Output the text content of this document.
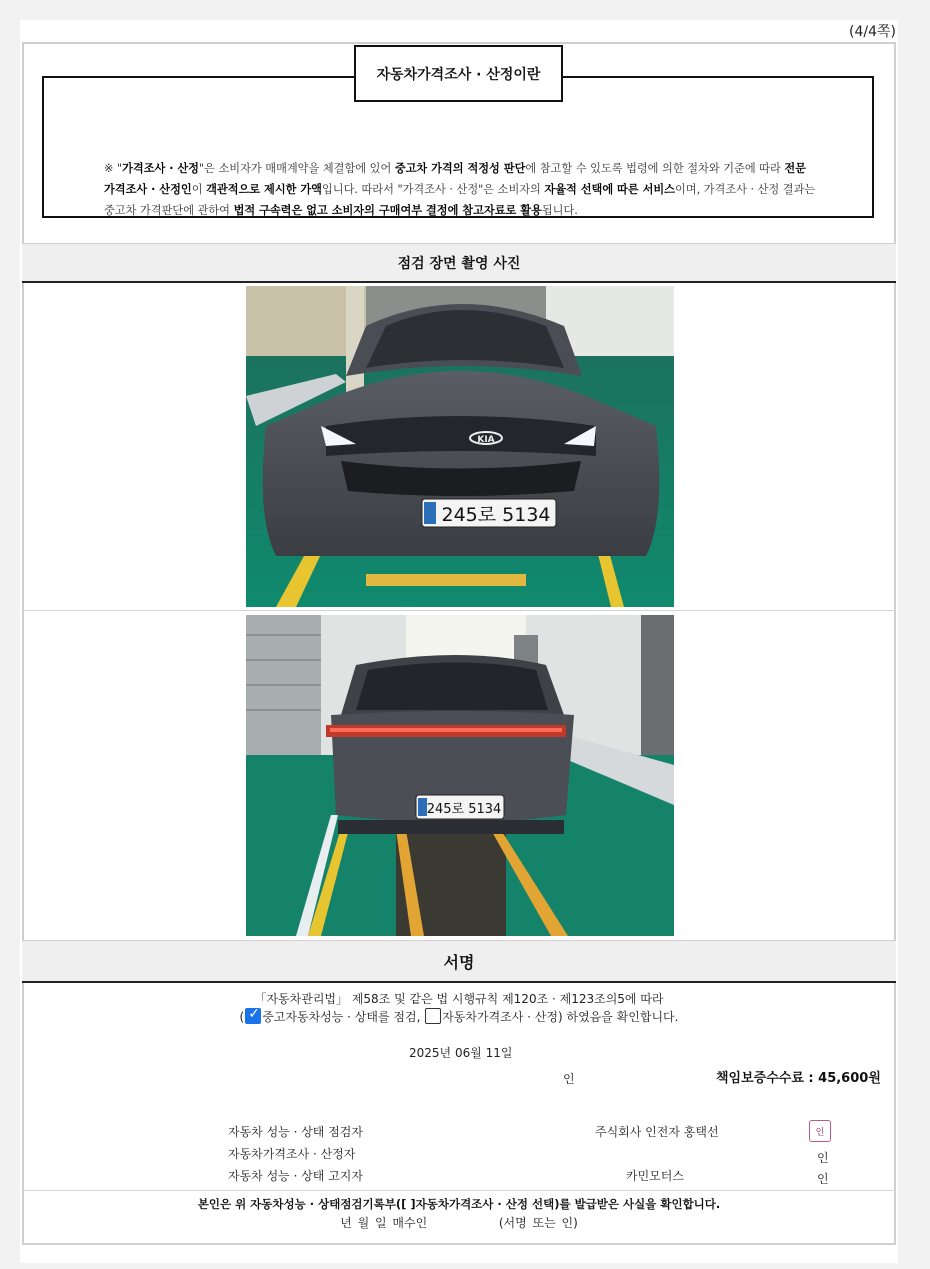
(4/4쪽)
자동차가격조사 · 산정이란
※ "가격조사 · 산정"은 소비자가 매매계약을 체결함에 있어 중고차 가격의 적정성 판단에 참고할 수 있도록 법령에 의한 절차와 기준에 따라 전문 가격조사 · 산정인이 객관적으로 제시한 가액입니다. 따라서 "가격조사 · 산정"은 소비자의 자율적 선택에 따른 서비스이며, 가격조사 · 산정 결과는 중고차 가격판단에 관하여 법적 구속력은 없고 소비자의 구매여부 결정에 참고자료로 활용됩니다.
점검 장면 촬영 사진
KIA
245로 5134
245로 5134
서명
「자동차관리법」 제58조 및 같은 법 시행규칙 제120조 · 제123조의5에 따라
(✓ 중고자동차성능 · 상태를 점검, 자동차가격조사 · 산정) 하였음을 확인합니다.
2025년 06월 11일
인	책임보증수수료 : 45,600원
자동차 성능 · 상태 점검자	주식회사 인전자 홍택선	인
자동차가격조사 · 산정자	인
자동차 성능 · 상태 고지자	카민모터스	인
본인은 위 자동차성능 · 상태점검기록부([ ]자동차가격조사 · 산정 선택)를 발급받은 사실을 확인합니다.
년 월 일 매수인	(서명 또는 인)
